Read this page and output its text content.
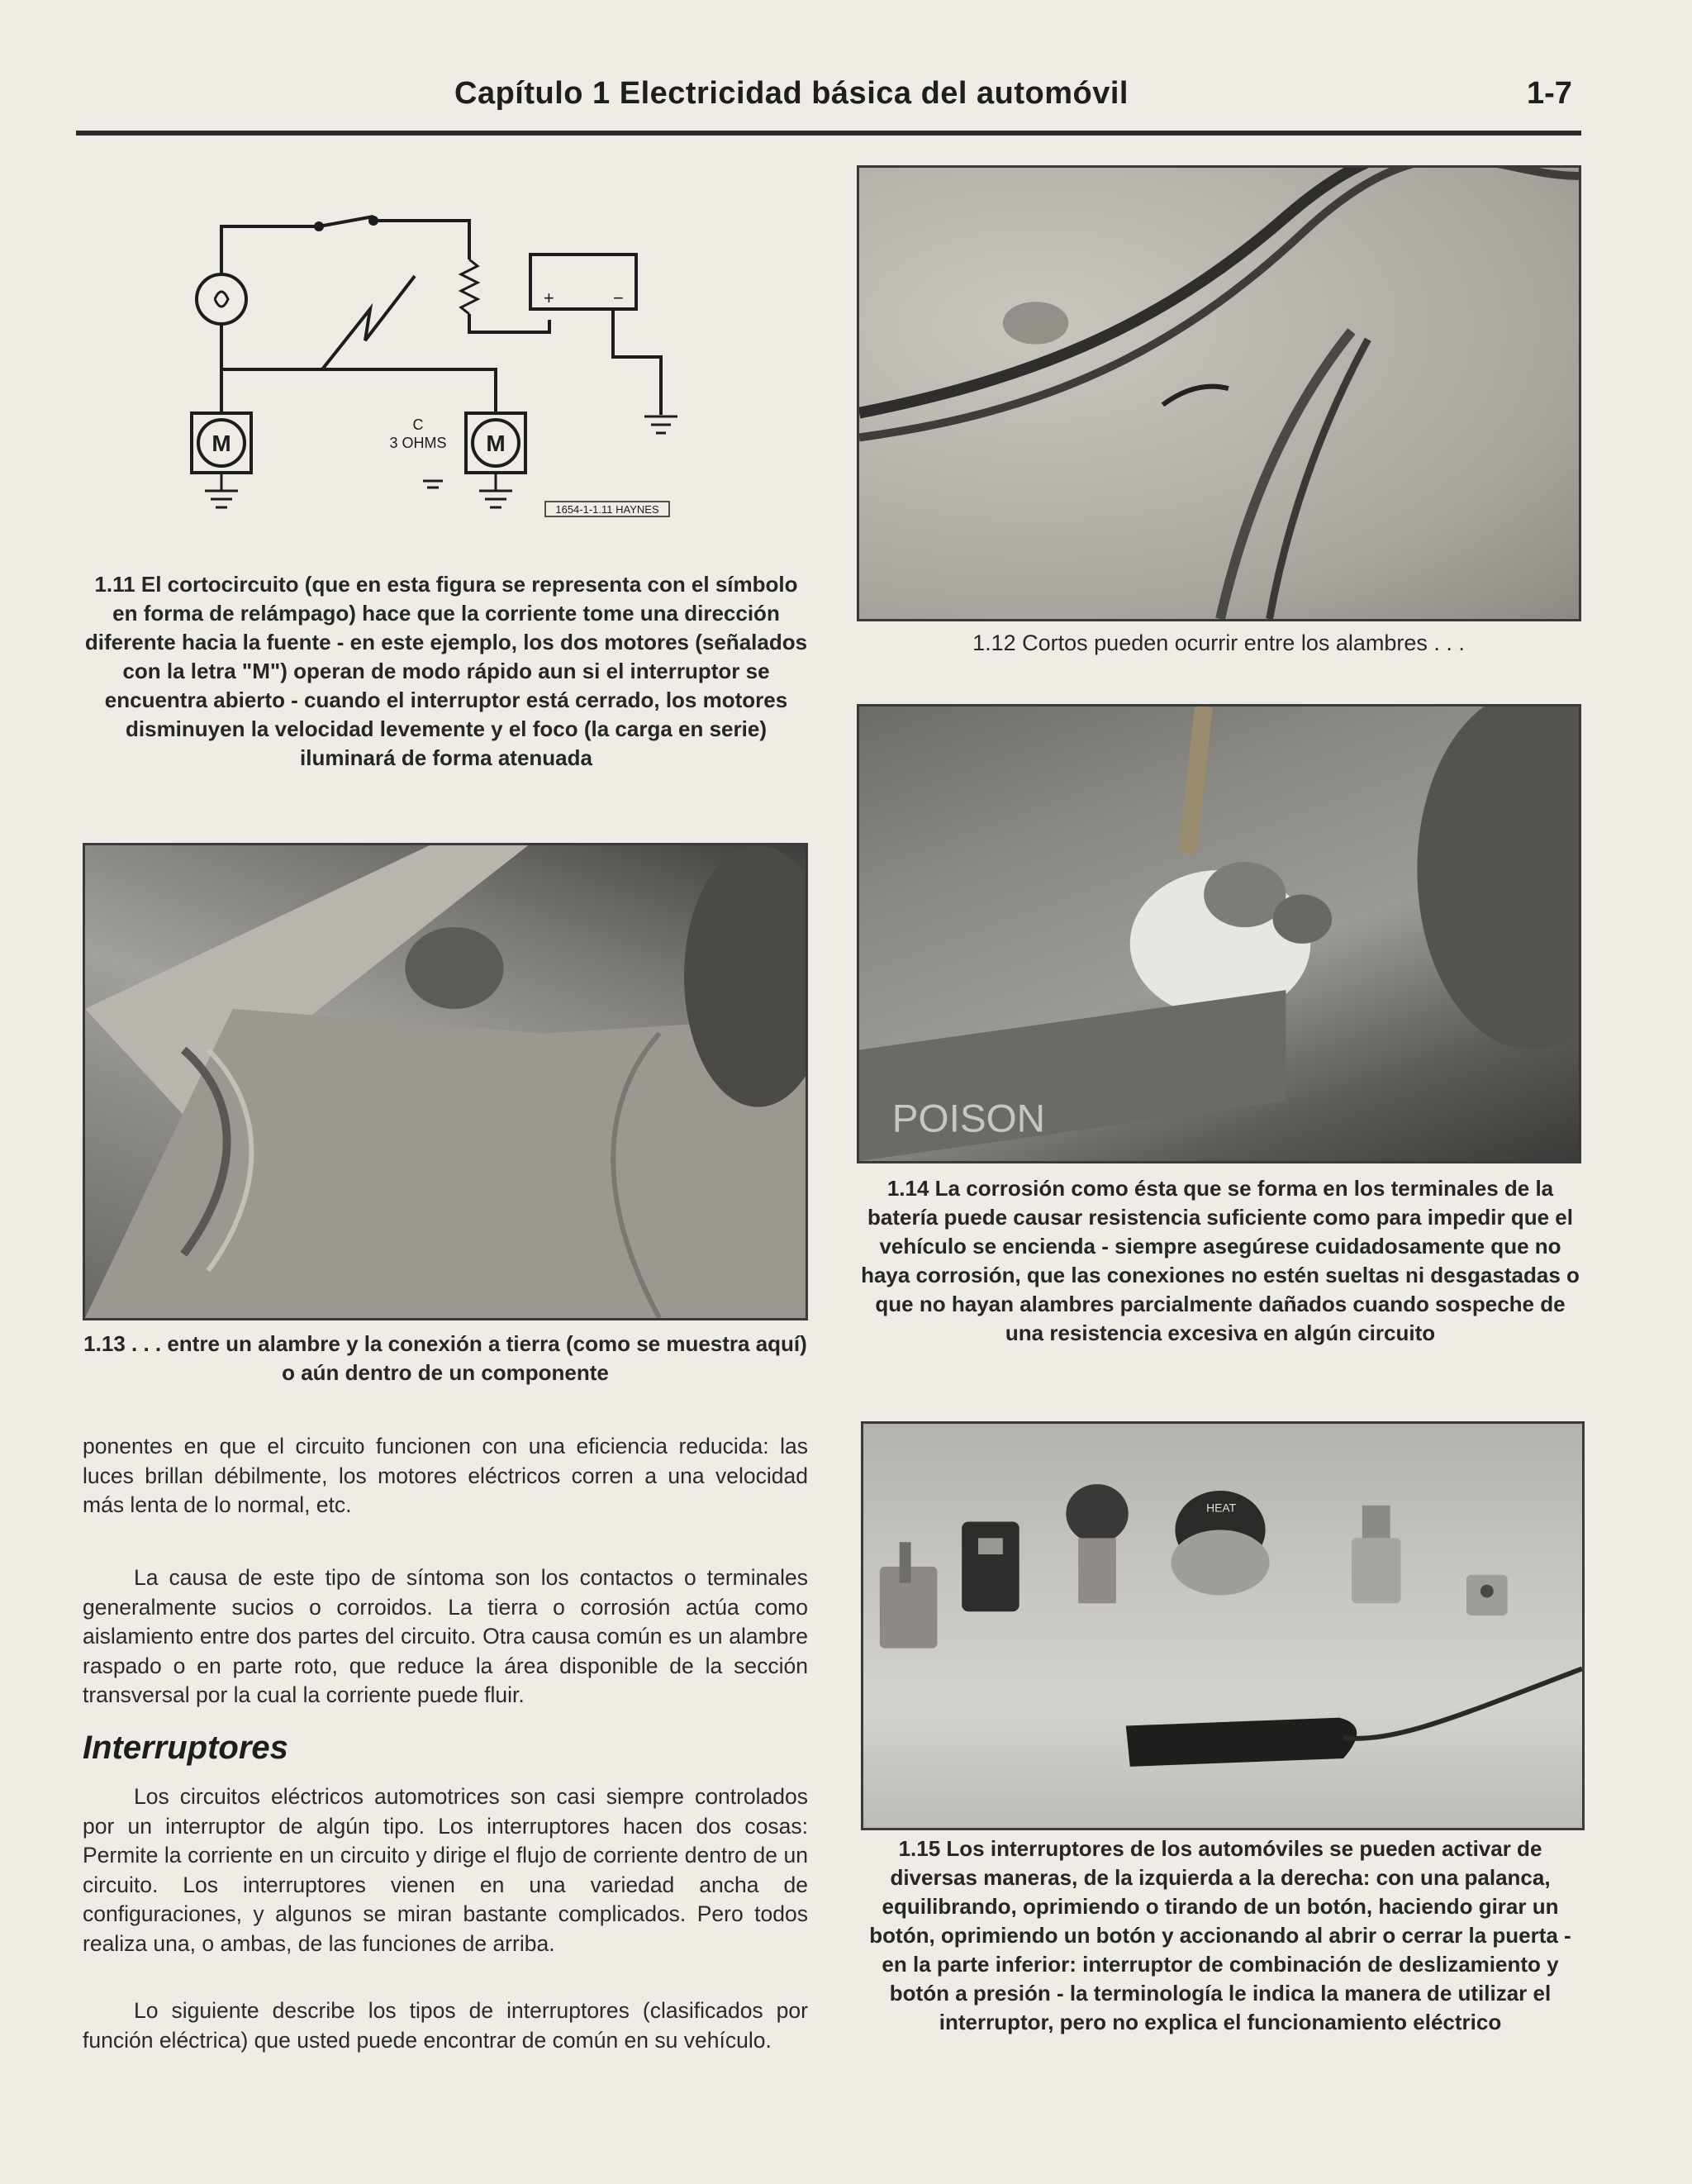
Capítulo 1 Electricidad básica del automóvil	1-7
M	M
C
3 OHMS
+	−
1654-1-1.11 HAYNES
1.11 El cortocircuito (que en esta figura se representa con el símbolo en forma de relámpago) hace que la corriente tome una dirección diferente hacia la fuente - en este ejemplo, los dos motores (señalados con la letra "M") operan de modo rápido aun si el interruptor se encuentra abierto - cuando el interruptor está cerrado, los motores disminuyen la velocidad levemente y el foco (la carga en serie) iluminará de forma atenuada
1.12 Cortos pueden ocurrir entre los alambres . . .
POISON
1.14 La corrosión como ésta que se forma en los terminales de la batería puede causar resistencia suficiente como para impedir que el vehículo se encienda - siempre asegúrese cuidadosamente que no haya corrosión, que las conexiones no estén sueltas ni desgastadas o que no hayan alambres parcialmente dañados cuando sospeche de una resistencia excesiva en algún circuito
1.13 . . . entre un alambre y la conexión a tierra (como se muestra aquí) o aún dentro de un componente
ponentes en que el circuito funcionen con una eficiencia reducida: las luces brillan débilmente, los motores eléctricos corren a una velocidad más lenta de lo normal, etc.
La causa de este tipo de síntoma son los contactos o terminales generalmente sucios o corroidos. La tierra o corrosión actúa como aislamiento entre dos partes del circuito. Otra causa común es un alambre raspado o en parte roto, que reduce la área disponible de la sección transversal por la cual la corriente puede fluir.
Interruptores
Los circuitos eléctricos automotrices son casi siempre controlados por un interruptor de algún tipo. Los interruptores hacen dos cosas: Permite la corriente en un circuito y dirige el flujo de corriente dentro de un circuito. Los interruptores vienen en una variedad ancha de configuraciones, y algunos se miran bastante complicados. Pero todos realiza una, o ambas, de las funciones de arriba.
Lo siguiente describe los tipos de interruptores (clasificados por función eléctrica) que usted puede encontrar de común en su vehículo.
HEAT
1.15 Los interruptores de los automóviles se pueden activar de diversas maneras, de la izquierda a la derecha: con una palanca, equilibrando, oprimiendo o tirando de un botón, haciendo girar un botón, oprimiendo un botón y accionando al abrir o cerrar la puerta - en la parte inferior: interruptor de combinación de deslizamiento y botón a presión - la terminología le indica la manera de utilizar el interruptor, pero no explica el funcionamiento eléctrico
